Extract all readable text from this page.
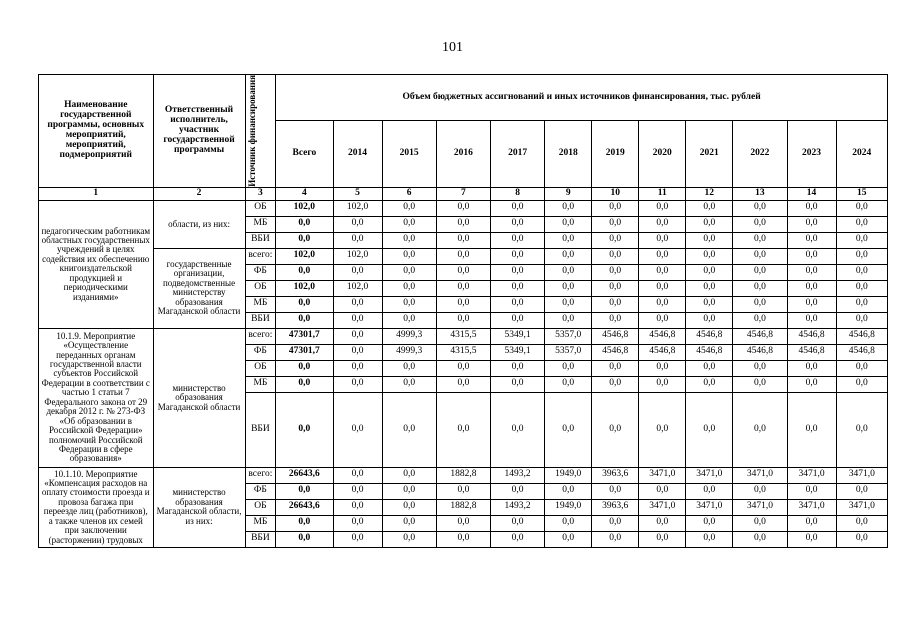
101
Наименование государственной программы, основных мероприятий, мероприятий, подмероприятий	Ответственный исполнитель, участник государственной программы	Источник финансирования	Объем бюджетных ассигнований и иных источников финансирования, тыс. рублей											
			Всего	2014	2015	2016	2017	2018	2019	2020	2021	2022	2023	2024
1	2	3	4	5	6	7	8	9	10	11	12	13	14	15
педагогическим работникам областных государственных учреждений в целях содействия их обеспечению книгоиздательской продукцией и периодическими изданиями»	области, из них:	ОБ	102,0	102,0	0,0	0,0	0,0	0,0	0,0	0,0	0,0	0,0	0,0	0,0
		МБ	0,0	0,0	0,0	0,0	0,0	0,0	0,0	0,0	0,0	0,0	0,0	0,0
		ВБИ	0,0	0,0	0,0	0,0	0,0	0,0	0,0	0,0	0,0	0,0	0,0	0,0
	государственные организации, подведомственные министерству образования Магаданской области	всего:	102,0	102,0	0,0	0,0	0,0	0,0	0,0	0,0	0,0	0,0	0,0	0,0
		ФБ	0,0	0,0	0,0	0,0	0,0	0,0	0,0	0,0	0,0	0,0	0,0	0,0
		ОБ	102,0	102,0	0,0	0,0	0,0	0,0	0,0	0,0	0,0	0,0	0,0	0,0
		МБ	0,0	0,0	0,0	0,0	0,0	0,0	0,0	0,0	0,0	0,0	0,0	0,0
		ВБИ	0,0	0,0	0,0	0,0	0,0	0,0	0,0	0,0	0,0	0,0	0,0	0,0
10.1.9. Мероприятие «Осуществление переданных органам государственной власти субъектов Российской Федерации в соответствии с частью 1 статьи 7 Федерального закона от 29 декабря 2012 г. № 273-ФЗ «Об образовании в Российской Федерации» полномочий Российской Федерации в сфере образования»	министерство образования Магаданской области	всего:	47301,7	0,0	4999,3	4315,5	5349,1	5357,0	4546,8	4546,8	4546,8	4546,8	4546,8	4546,8
		ФБ	47301,7	0,0	4999,3	4315,5	5349,1	5357,0	4546,8	4546,8	4546,8	4546,8	4546,8	4546,8
		ОБ	0,0	0,0	0,0	0,0	0,0	0,0	0,0	0,0	0,0	0,0	0,0	0,0
		МБ	0,0	0,0	0,0	0,0	0,0	0,0	0,0	0,0	0,0	0,0	0,0	0,0
		ВБИ	0,0	0,0	0,0	0,0	0,0	0,0	0,0	0,0	0,0	0,0	0,0	0,0
10.1.10. Мероприятие «Компенсация расходов на оплату стоимости проезда и провоза багажа при переезде лиц (работников), а также членов их семей при заключении (расторжении) трудовых	министерство образования Магаданской области, из них:	всего:	26643,6	0,0	0,0	1882,8	1493,2	1949,0	3963,6	3471,0	3471,0	3471,0	3471,0	3471,0
		ФБ	0,0	0,0	0,0	0,0	0,0	0,0	0,0	0,0	0,0	0,0	0,0	0,0
		ОБ	26643,6	0,0	0,0	1882,8	1493,2	1949,0	3963,6	3471,0	3471,0	3471,0	3471,0	3471,0
		МБ	0,0	0,0	0,0	0,0	0,0	0,0	0,0	0,0	0,0	0,0	0,0	0,0
		ВБИ	0,0	0,0	0,0	0,0	0,0	0,0	0,0	0,0	0,0	0,0	0,0	0,0
